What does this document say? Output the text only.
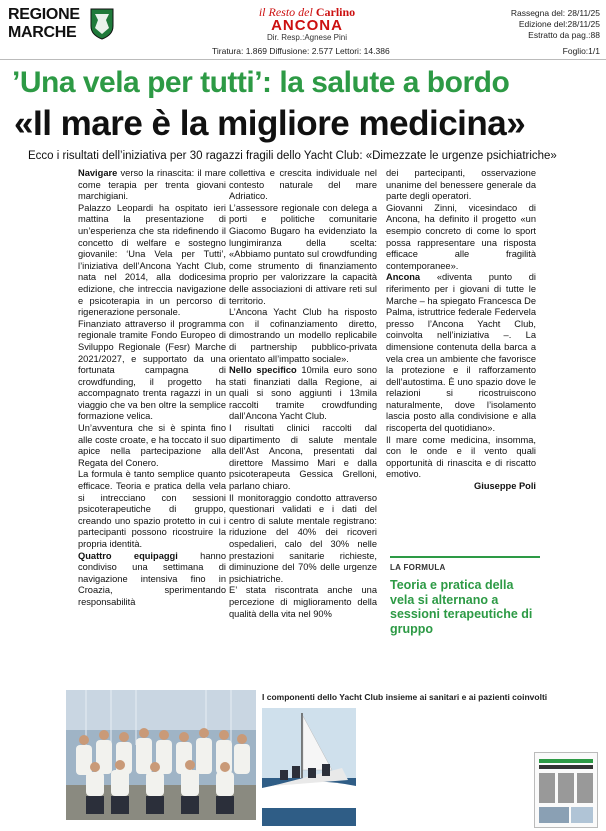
REGIONE
MARCHE
il Resto del Carlino
ANCONA
Dir. Resp.:Agnese Pini
Rassegna del: 28/11/25
Edizione del:28/11/25
Estratto da pag.:88
Tiratura: 1.869 Diffusione: 2.577 Lettori: 14.386	Foglio:1/1
’Una vela per tutti’: la salute a bordo
«Il mare è la migliore medicina»
Ecco i risultati dell’iniziativa per 30 ragazzi fragili dello Yacht Club: «Dimezzate le urgenze psichiatriche»

Navigare verso la rinascita: il mare come terapia per trenta giovani marchigiani.

Palazzo Leopardi ha ospitato ieri mattina la presentazione di un’esperienza che sta ridefinendo il concetto di welfare e sostegno giovanile: ‘Una Vela per Tutti’, l’iniziativa dell’Ancona Yacht Club, nata nel 2014, alla dodicesima edizione, che intreccia navigazione e psicoterapia in un percorso di rigenerazione personale.

Finanziato attraverso il programma regionale tramite Fondo Europeo di Sviluppo Regionale (Fesr) Marche 2021/2027, e supportato da una fortunata campagna di crowdfunding, il progetto ha accompagnato trenta ragazzi in un viaggio che va ben oltre la semplice formazione velica.

Un’avventura che si è spinta fino alle coste croate, e ha toccato il suo apice nella partecipazione alla Regata del Conero.

La formula è tanto semplice quanto efficace. Teoria e pratica della vela si intrecciano con sessioni psicoterapeutiche di gruppo, creando uno spazio protetto in cui i partecipanti possono ricostruire la propria identità.

Quattro equipaggi hanno condiviso una settimana di navigazione intensiva fino in Croazia, sperimentando responsabilità

collettiva e crescita individuale nel contesto naturale del mare Adriatico.

L’assessore regionale con delega a porti e politiche comunitarie Giacomo Bugaro ha evidenziato la lungimiranza della scelta: «Abbiamo puntato sul crowdfunding come strumento di finanziamento proprio per valorizzare la capacità delle associazioni di attivare reti sul territorio.

L’Ancona Yacht Club ha risposto con il cofinanziamento diretto, dimostrando un modello replicabile di partnership pubblico-privata orientato all’impatto sociale».

Nello specifico 10mila euro sono stati finanziati dalla Regione, ai quali si sono aggiunti i 13mila raccolti tramite crowdfunding dall’Ancona Yacht Club.

I risultati clinici raccolti dal dipartimento di salute mentale dell’Ast Ancona, presentati dal direttore Massimo Mari e dalla psicoterapeuta Gessica Grelloni, parlano chiaro.

Il monitoraggio condotto attraverso questionari validati e i dati del centro di salute mentale registrano: riduzione del 40% dei ricoveri ospedalieri, calo del 30% nelle prestazioni sanitarie richieste, diminuzione del 70% delle urgenze psichiatriche.

E’ stata riscontrata anche una percezione di miglioramento della qualità della vita nel 90%

dei partecipanti, osservazione unanime del benessere generale da parte degli operatori.

Giovanni Zinni, vicesindaco di Ancona, ha definito il progetto «un esempio concreto di come lo sport possa rappresentare una risposta efficace alle fragilità contemporanee».

Ancona «diventa punto di riferimento per i giovani di tutte le Marche – ha spiegato Francesca De Palma, istruttrice federale Federvela presso l’Ancona Yacht Club, coinvolta nell’iniziativa –. La dimensione contenuta della barca a vela crea un ambiente che favorisce la protezione e il rafforzamento dell’autostima. È uno spazio dove le relazioni si ricostruiscono naturalmente, dove l’isolamento lascia posto alla condivisione e alla riscoperta del quotidiano».

Il mare come medicina, insomma, con le onde e il vento quali opportunità di rinascita e di riscatto emotivo.

Giuseppe Poli

LA FORMULA
Teoria e pratica della vela si alternano a sessioni terapeutiche di gruppo
I componenti dello Yacht Club insieme ai sanitari e ai pazienti coinvolti
